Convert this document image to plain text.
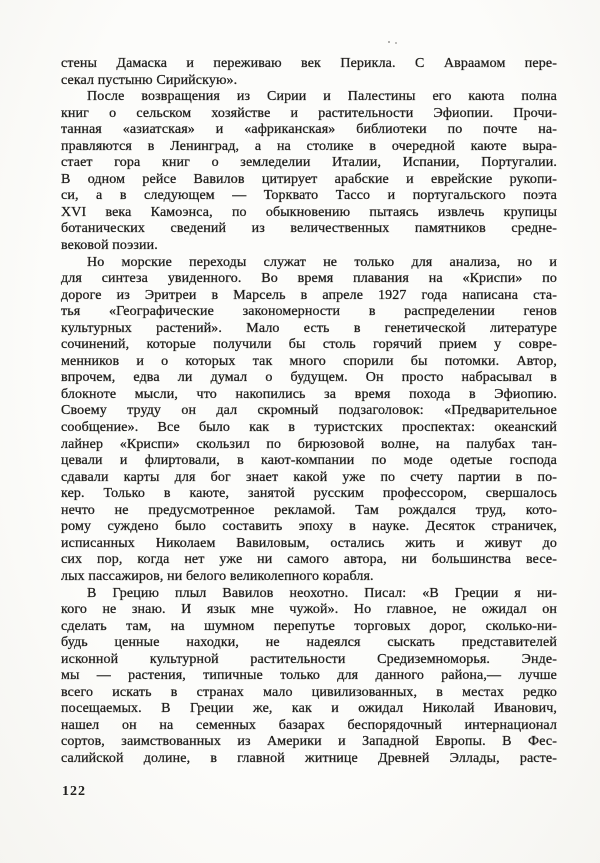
стены Дамаска и переживаю век Перикла. С Авраамом пере-
секал пустыню Сирийскую».
После возвращения из Сирии и Палестины его каюта полна
книг о сельском хозяйстве и растительности Эфиопии. Прочи-
танная «азиатская» и «африканская» библиотеки по почте на-
правляются в Ленинград, а на столике в очередной каюте выра-
стает гора книг о земледелии Италии, Испании, Португалии.
В одном рейсе Вавилов цитирует арабские и еврейские рукопи-
си, а в следующем — Торквато Тассо и португальского поэта
XVI века Камоэнса, по обыкновению пытаясь извлечь крупицы
ботанических сведений из величественных памятников средне-
вековой поэзии.
Но морские переходы служат не только для анализа, но и
для синтеза увиденного. Во время плавания на «Криспи» по
дороге из Эритреи в Марсель в апреле 1927 года написана ста-
тья «Географические закономерности в распределении генов
культурных растений». Мало есть в генетической литературе
сочинений, которые получили бы столь горячий прием у совре-
менников и о которых так много спорили бы потомки. Автор,
впрочем, едва ли думал о будущем. Он просто набрасывал в
блокноте мысли, что накопились за время похода в Эфиопию.
Своему труду он дал скромный подзаголовок: «Предварительное
сообщение». Все было как в туристских проспектах: океанский
лайнер «Криспи» скользил по бирюзовой волне, на палубах тан-
цевали и флиртовали, в кают-компании по моде одетые господа
сдавали карты для бог знает какой уже по счету партии в по-
кер. Только в каюте, занятой русским профессором, свершалось
нечто не предусмотренное рекламой. Там рождался труд, кото-
рому суждено было составить эпоху в науке. Десяток страничек,
исписанных Николаем Вавиловым, остались жить и живут до
сих пор, когда нет уже ни самого автора, ни большинства весе-
лых пассажиров, ни белого великолепного корабля.
В Грецию плыл Вавилов неохотно. Писал: «В Греции я ни-
кого не знаю. И язык мне чужой». Но главное, не ожидал он
сделать там, на шумном перепутье торговых дорог, сколько-ни-
будь ценные находки, не надеялся сыскать представителей
исконной культурной растительности Средиземноморья. Энде-
мы — растения, типичные только для данного района,— лучше
всего искать в странах мало цивилизованных, в местах редко
посещаемых. В Греции же, как и ожидал Николай Иванович,
нашел он на семенных базарах беспорядочный интернационал
сортов, заимствованных из Америки и Западной Европы. В Фес-
салийской долине, в главной житнице Древней Эллады, расте-
122
